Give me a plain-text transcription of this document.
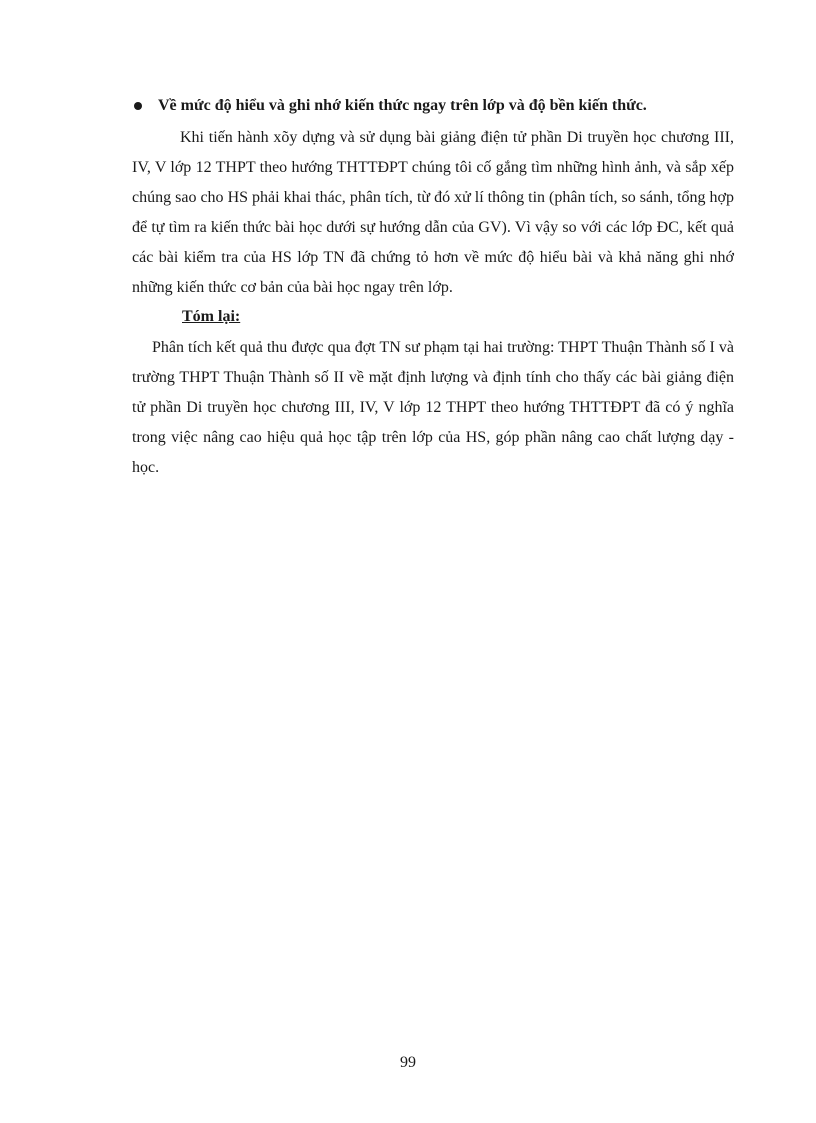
Về mức độ hiểu và ghi nhớ kiến thức ngay trên lớp và độ bền kiến thức.

Khi tiến hành xõy dựng và sử dụng bài giảng điện tử phần Di truyền học chương III, IV, V lớp 12 THPT theo hướng THTTĐPT chúng tôi cố gắng tìm những hình ảnh, và sắp xếp chúng sao cho HS phải khai thác, phân tích, từ đó xử lí thông tin (phân tích, so sánh, tổng hợp để tự tìm ra kiến thức bài học dưới sự hướng dẫn của GV). Vì vậy so với các lớp ĐC, kết quả các bài kiểm tra của HS lớp TN đã chứng tỏ hơn về mức độ hiểu bài và khả năng ghi nhớ những kiến thức cơ bản của bài học ngay trên lớp.

Tóm lại:

Phân tích kết quả thu được qua đợt TN sư phạm tại hai trường: THPT Thuận Thành số I và trường THPT Thuận Thành số II về mặt định lượng và định tính cho thấy các bài giảng điện tử phần Di truyền học chương III, IV, V lớp 12 THPT theo hướng THTTĐPT đã có ý nghĩa trong việc nâng cao hiệu quả học tập trên lớp của HS, góp phần nâng cao chất lượng dạy - học.

99
